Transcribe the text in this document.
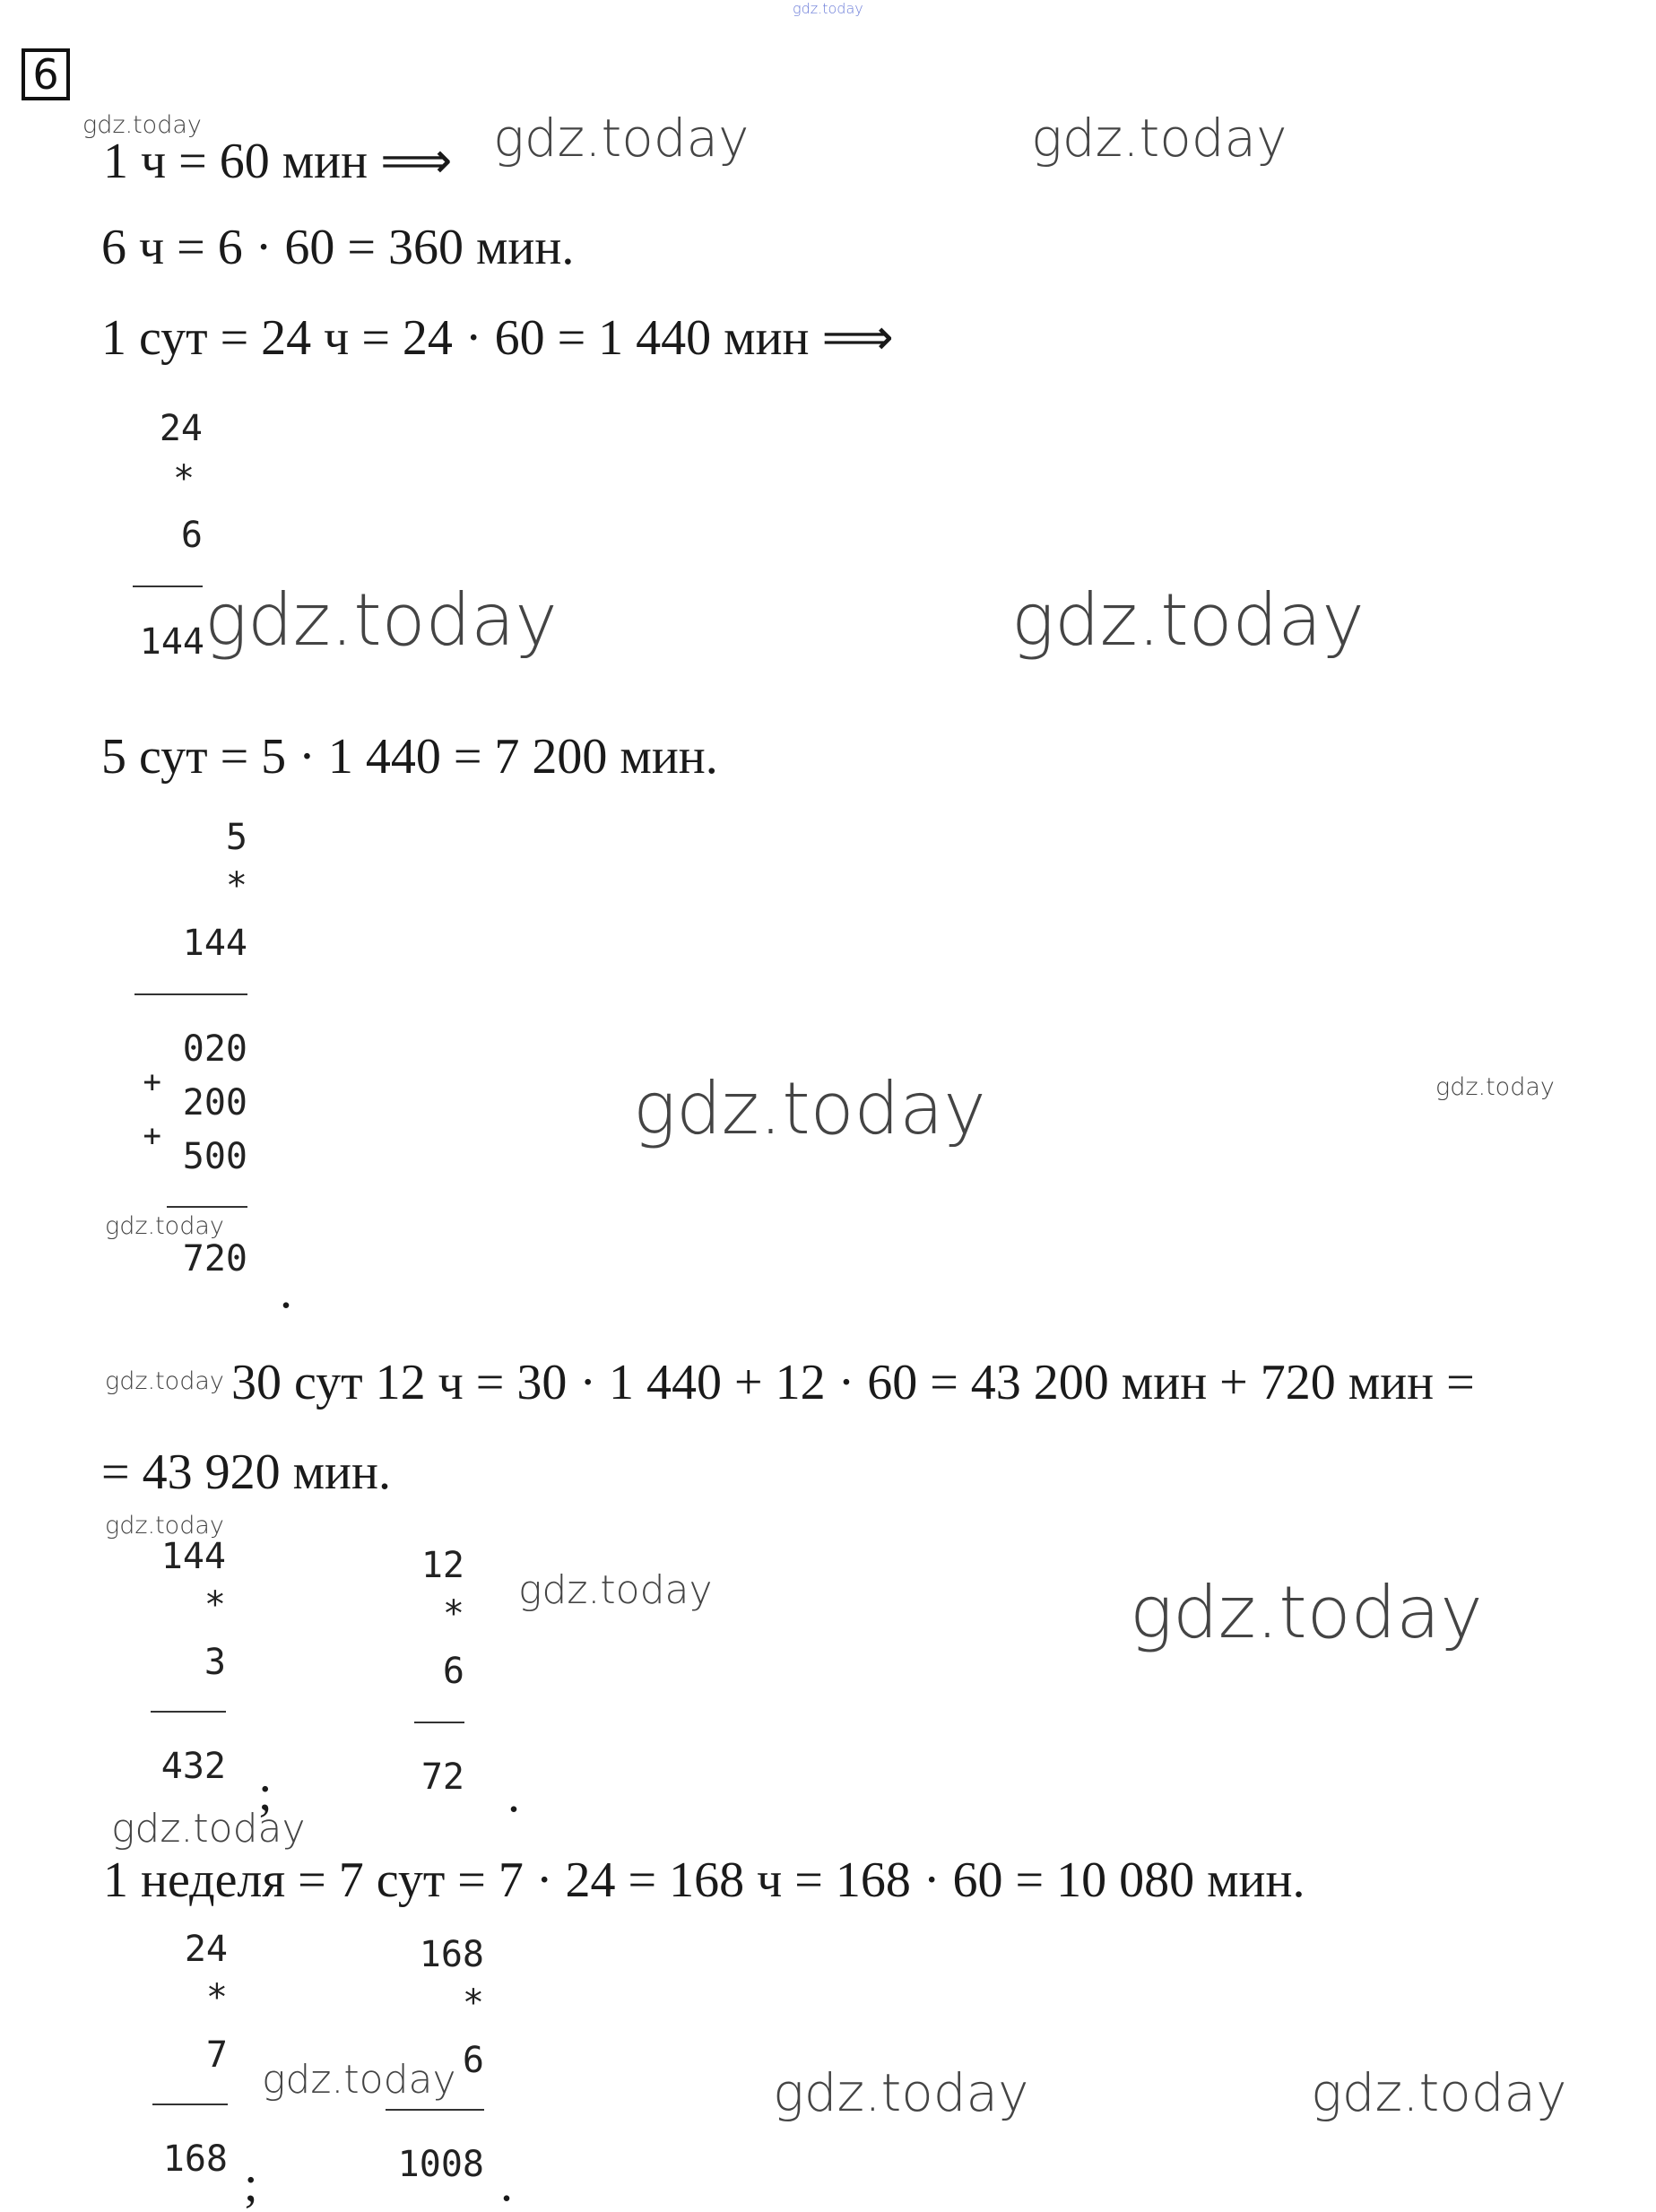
gdz.today
6
1 ч = 60 мин ⟹
6 ч = 6 · 60 = 360 мин.
1 сут = 24 ч = 24 · 60 = 1 440 мин ⟹
24
*
6
144
5 сут = 5 · 1 440 = 7 200 мин.
5
*
144
020
+ 200
+ 500
720
.
30 сут 12 ч = 30 · 1 440 + 12 · 60 = 43 200 мин + 720 мин =
= 43 920 мин.
144
*
3
432 ;
12
*
6
72 .
1 неделя = 7 сут = 7 · 24 = 168 ч = 168 · 60 = 10 080 мин.
24
*
7
168 ;
168
*
6
1008 .
gdz.today	gdz.today	gdz.today
gdz.today	gdz.today
gdz.today	gdz.today
gdz.today
gdz.today
gdz.today
gdz.today	gdz.today
gdz.today
gdz.today	gdz.today	gdz.today
